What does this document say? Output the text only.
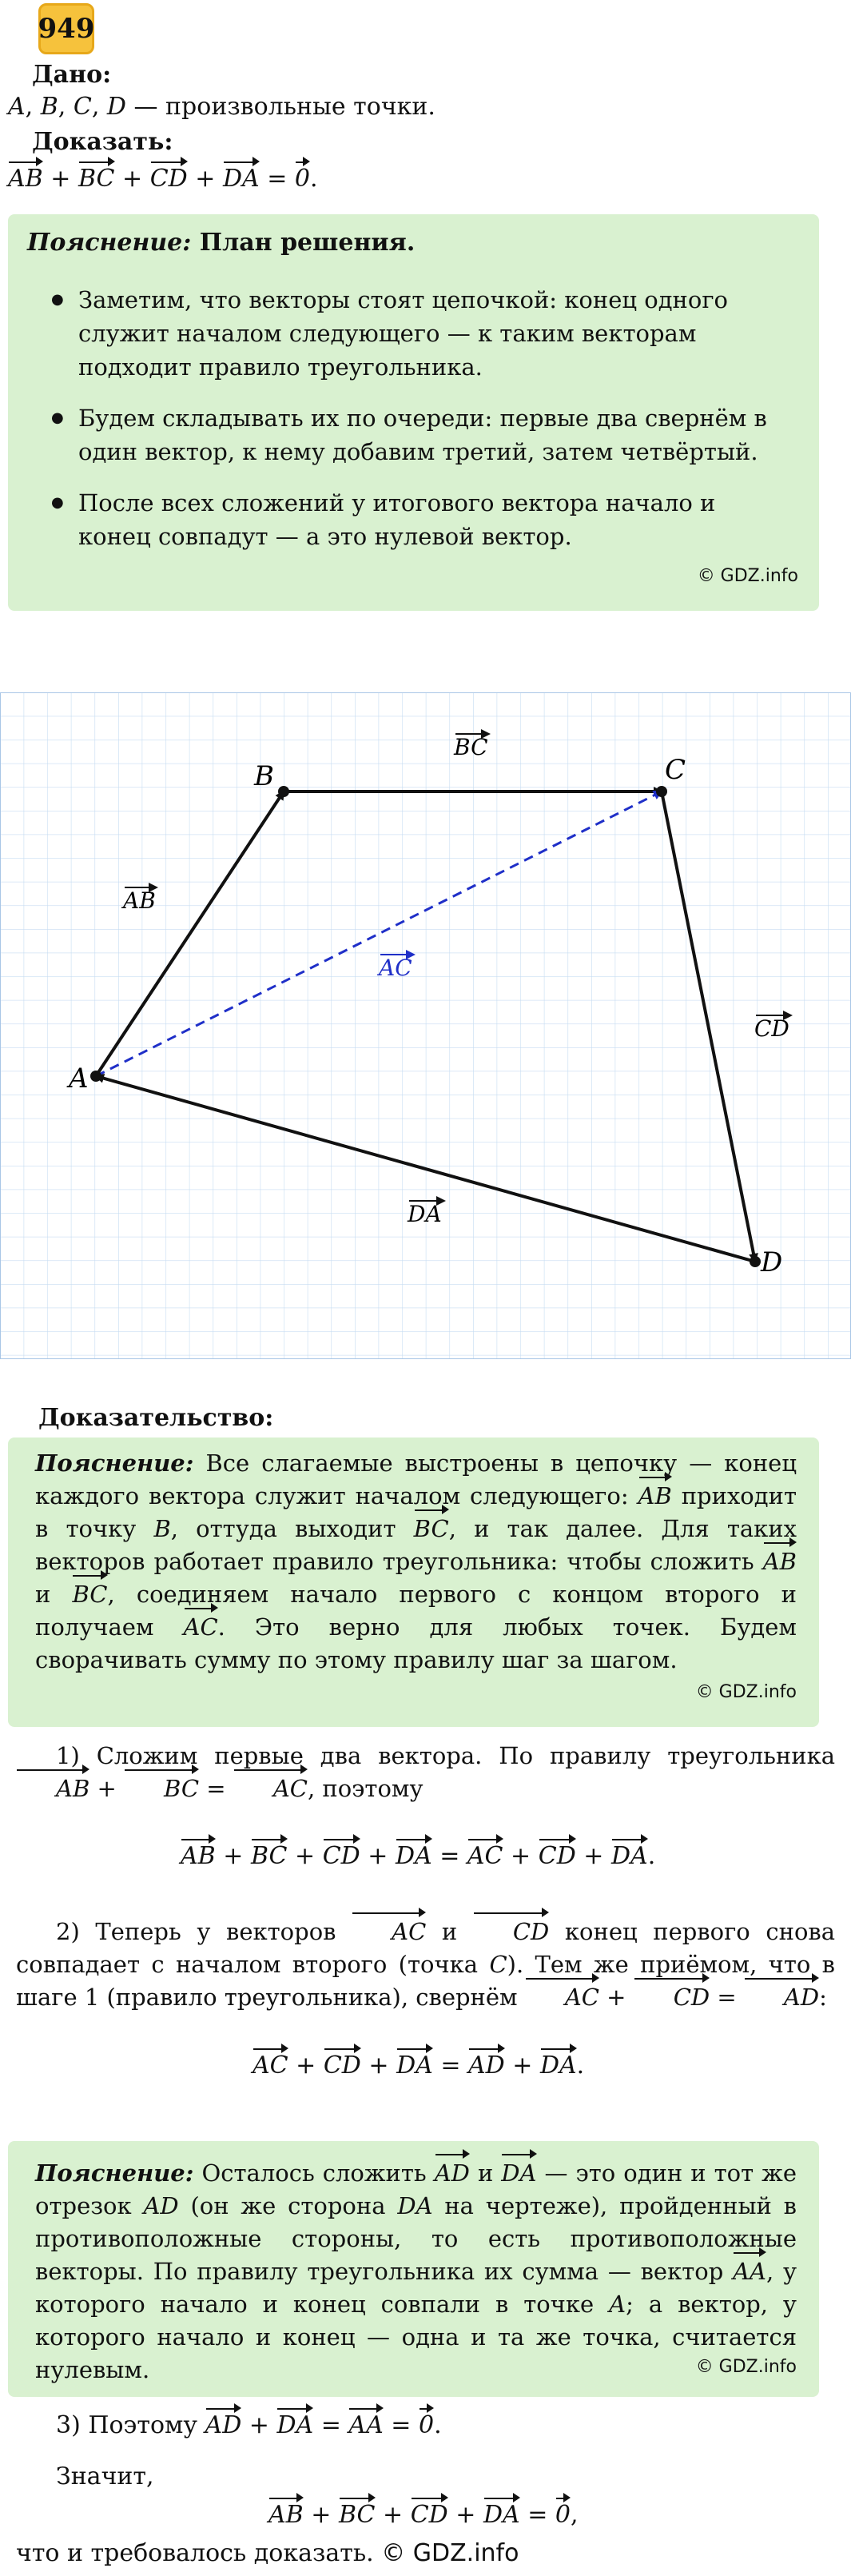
949
Дано:
A, B, C, D — произвольные точки.
Доказать:
AB + BC + CD + DA = 0.
Пояснение: План решения.
● Заметим, что векторы стоят цепочкой: конец одного служит началом следующего — к таким векторам подходит правило треугольника.
● Будем складывать их по очереди: первые два свернём в один вектор, к нему добавим третий, затем четвёртый.
● После всех сложений у итогового вектора начало и конец совпадут — а это нулевой вектор.
© GDZ.info
A
B	C
D
AB
BC
CD
DA
AC
Доказательство:
Пояснение: Все слагаемые выстроены в цепочку — конец каждого вектора служит началом следующего: AB приходит в точку B, оттуда выходит BC, и так далее. Для таких векторов работает правило треугольника: чтобы сложить AB и BC, соединяем начало первого с концом второго и получаем AC. Это верно для любых точек. Будем сворачивать сумму по этому правилу шаг за шагом.
© GDZ.info
1) Сложим первые два вектора. По правилу треугольника AB + BC = AC, поэтому
AB + BC + CD + DA = AC + CD + DA.
2) Теперь у векторов AC и CD конец первого снова совпадает с началом второго (точка C). Тем же приёмом, что в шаге 1 (правило треугольника), свернём AC + CD = AD:
AC + CD + DA = AD + DA.
Пояснение: Осталось сложить AD и DA — это один и тот же отрезок AD (он же сторона DA на чертеже), пройденный в противоположные стороны, то есть противоположные векторы. По правилу треугольника их сумма — вектор AA, у которого начало и конец совпали в точке A; а вектор, у которого начало и конец — одна и та же точка, считается нулевым.	© GDZ.info
3) Поэтому AD + DA = AA = 0.
Значит,
AB + BC + CD + DA = 0,
что и требовалось доказать. © GDZ.info
